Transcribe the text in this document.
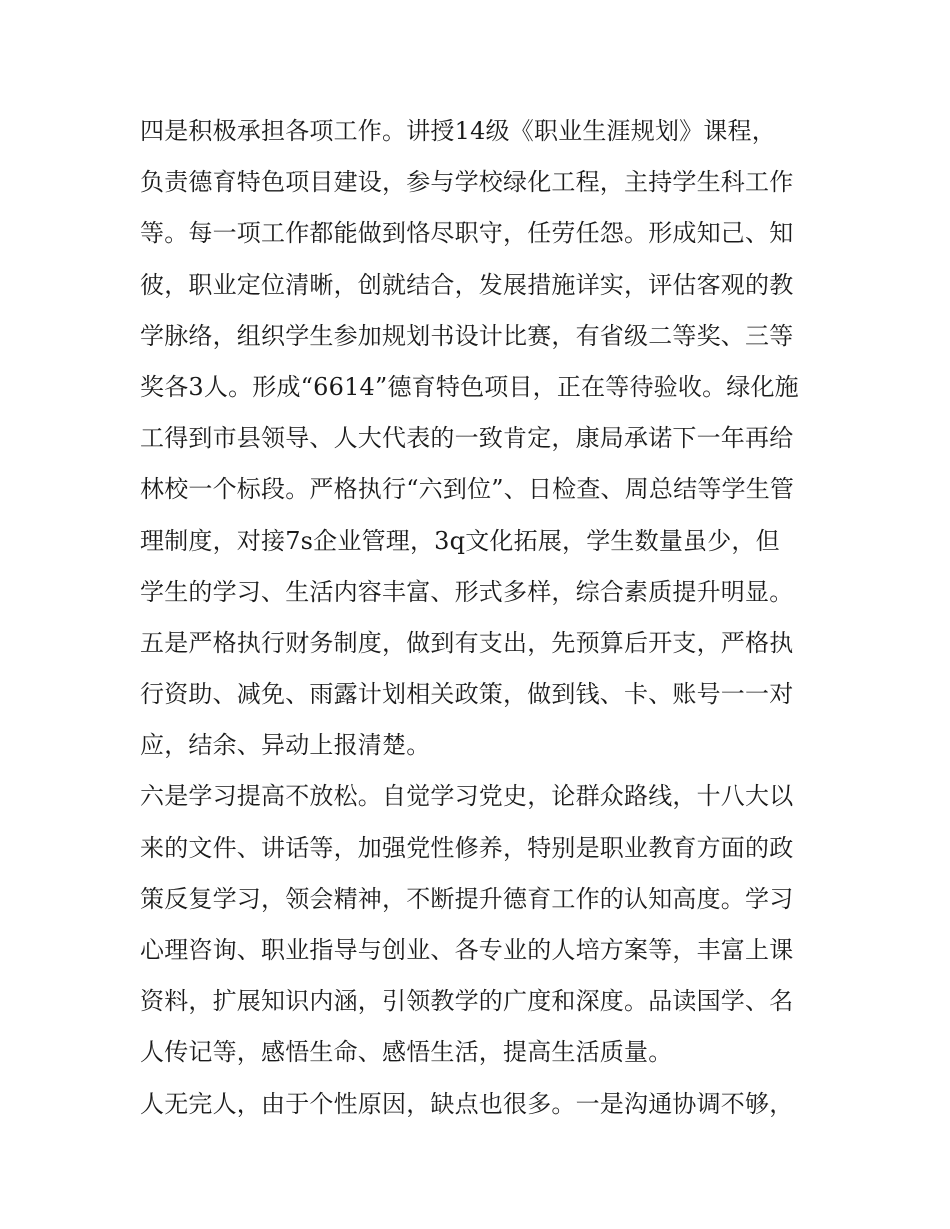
四是积极承担各项工作。讲授14级《职业生涯规划》课程，
负责德育特色项目建设，参与学校绿化工程，主持学生科工作
等。每一项工作都能做到恪尽职守，任劳任怨。形成知己、知
彼，职业定位清晰，创就结合，发展措施详实，评估客观的教
学脉络，组织学生参加规划书设计比赛，有省级二等奖、三等
奖各3人。形成“6614”德育特色项目，正在等待验收。绿化施
工得到市县领导、人大代表的一致肯定，康局承诺下一年再给
林校一个标段。严格执行“六到位”、日检查、周总结等学生管
理制度，对接7s企业管理，3q文化拓展，学生数量虽少，但
学生的学习、生活内容丰富、形式多样，综合素质提升明显。
五是严格执行财务制度，做到有支出，先预算后开支，严格执
行资助、减免、雨露计划相关政策，做到钱、卡、账号一一对
应，结余、异动上报清楚。
六是学习提高不放松。自觉学习党史，论群众路线，十八大以
来的文件、讲话等，加强党性修养，特别是职业教育方面的政
策反复学习，领会精神，不断提升德育工作的认知高度。学习
心理咨询、职业指导与创业、各专业的人培方案等，丰富上课
资料，扩展知识内涵，引领教学的广度和深度。品读国学、名
人传记等，感悟生命、感悟生活，提高生活质量。
人无完人，由于个性原因，缺点也很多。一是沟通协调不够，
